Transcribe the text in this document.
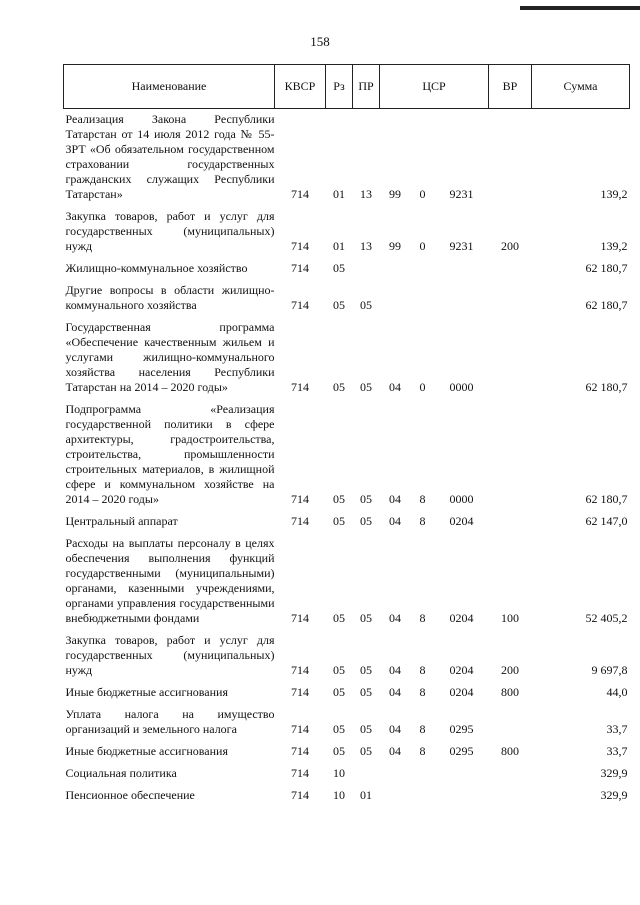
158
Наименование	КВСР	Рз	ПР	ЦСР			ВР	Сумма
Реализация Закона Республики Татарстан от 14 июля 2012 года № 55-ЗРТ «Об обязательном государственном страховании государственных гражданских служащих Республики Татарстан»	714	01	13	99	0	9231		139,2
Закупка товаров, работ и услуг для государственных (муниципальных) нужд	714	01	13	99	0	9231	200	139,2
Жилищно-коммунальное хозяйство	714	05						62 180,7
Другие вопросы в области жилищно-коммунального хозяйства	714	05	05					62 180,7
Государственная программа «Обеспечение качественным жильем и услугами жилищно-коммунального хозяйства населения Республики Татарстан на 2014 – 2020 годы»	714	05	05	04	0	0000		62 180,7
Подпрограмма «Реализация государственной политики в сфере архитектуры, градостроительства, строительства, промышленности строительных материалов, в жилищной сфере и коммунальном хозяйстве на 2014 – 2020 годы»	714	05	05	04	8	0000		62 180,7
Центральный аппарат	714	05	05	04	8	0204		62 147,0
Расходы на выплаты персоналу в целях обеспечения выполнения функций государственными (муниципальными) органами, казенными учреждениями, органами управления государственными внебюджетными фондами	714	05	05	04	8	0204	100	52 405,2
Закупка товаров, работ и услуг для государственных (муниципальных) нужд	714	05	05	04	8	0204	200	9 697,8
Иные бюджетные ассигнования	714	05	05	04	8	0204	800	44,0
Уплата налога на имущество организаций и земельного налога	714	05	05	04	8	0295		33,7
Иные бюджетные ассигнования	714	05	05	04	8	0295	800	33,7
Социальная политика	714	10						329,9
Пенсионное обеспечение	714	10	01					329,9
